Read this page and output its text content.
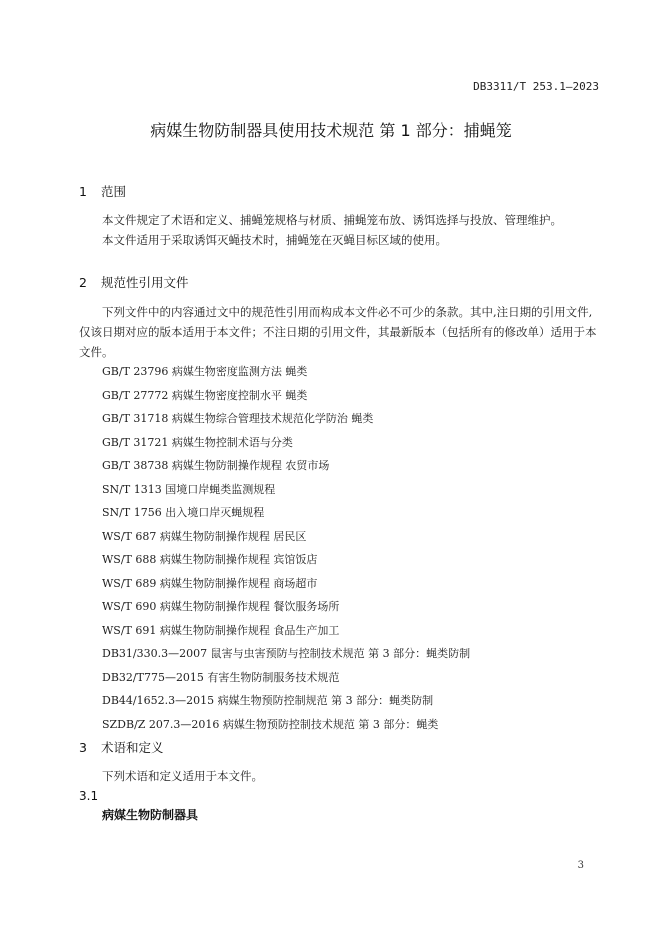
DB3311/T 253.1—2023
病媒生物防制器具使用技术规范 第 1 部分：捕蝇笼
1 范围
本文件规定了术语和定义、捕蝇笼规格与材质、捕蝇笼布放、诱饵选择与投放、管理维护。
本文件适用于采取诱饵灭蝇技术时，捕蝇笼在灭蝇目标区域的使用。
2 规范性引用文件
下列文件中的内容通过文中的规范性引用而构成本文件必不可少的条款。其中,注日期的引用文件,
仅该日期对应的版本适用于本文件；不注日期的引用文件，其最新版本（包括所有的修改单）适用于本
文件。
GB/T 23796 病媒生物密度监测方法 蝇类
GB/T 27772 病媒生物密度控制水平 蝇类
GB/T 31718 病媒生物综合管理技术规范化学防治 蝇类
GB/T 31721 病媒生物控制术语与分类
GB/T 38738 病媒生物防制操作规程 农贸市场
SN/T 1313 国境口岸蝇类监测规程
SN/T 1756 出入境口岸灭蝇规程
WS/T 687 病媒生物防制操作规程 居民区
WS/T 688 病媒生物防制操作规程 宾馆饭店
WS/T 689 病媒生物防制操作规程 商场超市
WS/T 690 病媒生物防制操作规程 餐饮服务场所
WS/T 691 病媒生物防制操作规程 食品生产加工
DB31/330.3—2007 鼠害与虫害预防与控制技术规范 第 3 部分：蝇类防制
DB32/T775—2015 有害生物防制服务技术规范
DB44/1652.3—2015 病媒生物预防控制规范 第 3 部分：蝇类防制
SZDB/Z 207.3—2016 病媒生物预防控制技术规范 第 3 部分：蝇类
3 术语和定义
下列术语和定义适用于本文件。
3.1
病媒生物防制器具
3
